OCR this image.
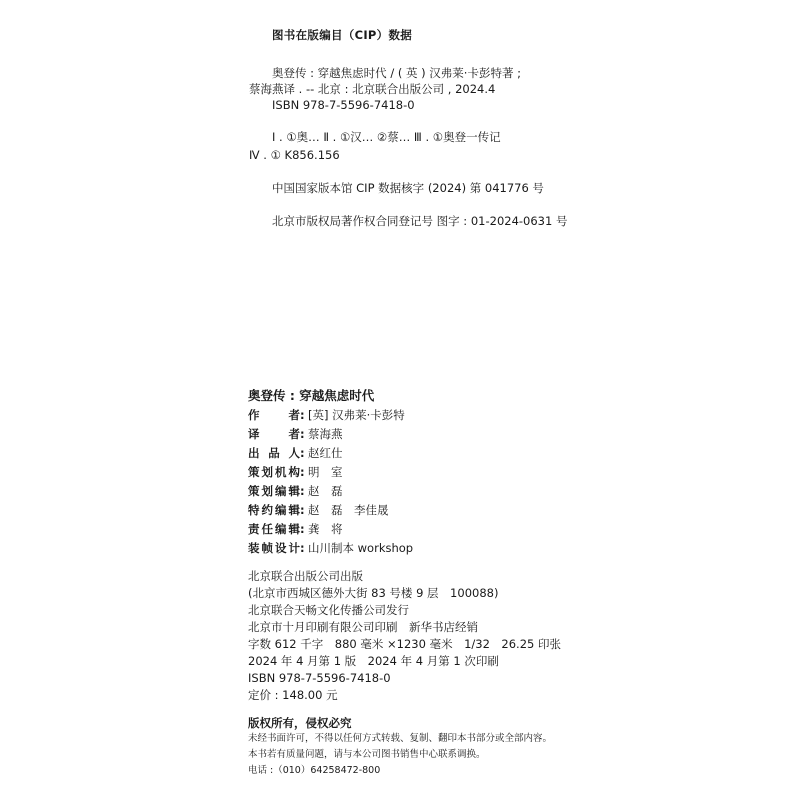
图书在版编目（CIP）数据
奥登传 : 穿越焦虑时代 / ( 英 ) 汉弗莱·卡彭特著 ;
蔡海燕译 . -- 北京 : 北京联合出版公司 , 2024.4
ISBN 978-7-5596-7418-0
Ⅰ . ①奥… Ⅱ . ①汉… ②蔡… Ⅲ . ①奥登一传记
Ⅳ . ① K856.156
中国国家版本馆 CIP 数据核字 (2024) 第 041776 号
北京市版权局著作权合同登记号 图字 : 01-2024-0631 号
奥登传 : 穿越焦虑时代
作　　者: [英] 汉弗莱·卡彭特
译　　者: 蔡海燕
出 品 人: 赵红仕
策划机构: 明　室
策划编辑: 赵　磊
特约编辑: 赵　磊　李佳晟
责任编辑: 龚　将
装帧设计: 山川制本 workshop
北京联合出版公司出版
(北京市西城区德外大街 83 号楼 9 层　100088)
北京联合天畅文化传播公司发行
北京市十月印刷有限公司印刷　新华书店经销
字数 612 千字　880 毫米 ×1230 毫米　1/32　26.25 印张
2024 年 4 月第 1 版　2024 年 4 月第 1 次印刷
ISBN 978-7-5596-7418-0
定价 : 148.00 元
版权所有，侵权必究
未经书面许可，不得以任何方式转载、复制、翻印本书部分或全部内容。
本书若有质量问题，请与本公司图书销售中心联系调换。
电话 :（010）64258472-800
